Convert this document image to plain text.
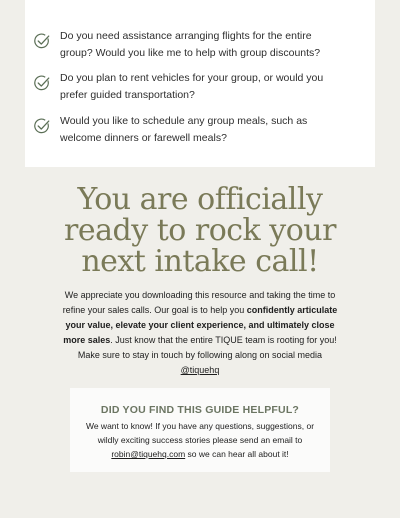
Do you need assistance arranging flights for the entire
group? Would you like me to help with group discounts?
Do you plan to rent vehicles for your group, or would you
prefer guided transportation?
Would you like to schedule any group meals, such as
welcome dinners or farewell meals?
You are officially
ready to rock your
next intake call!
We appreciate you downloading this resource and taking the time to refine your sales calls. Our goal is to help you confidently articulate your value, elevate your client experience, and ultimately close more sales. Just know that the entire TIQUE team is rooting for you! Make sure to stay in touch by following along on social media @tiquehq
DID YOU FIND THIS GUIDE HELPFUL?
We want to know! If you have any questions, suggestions, or wildly exciting success stories please send an email to robin@tiquehq.com so we can hear all about it!
